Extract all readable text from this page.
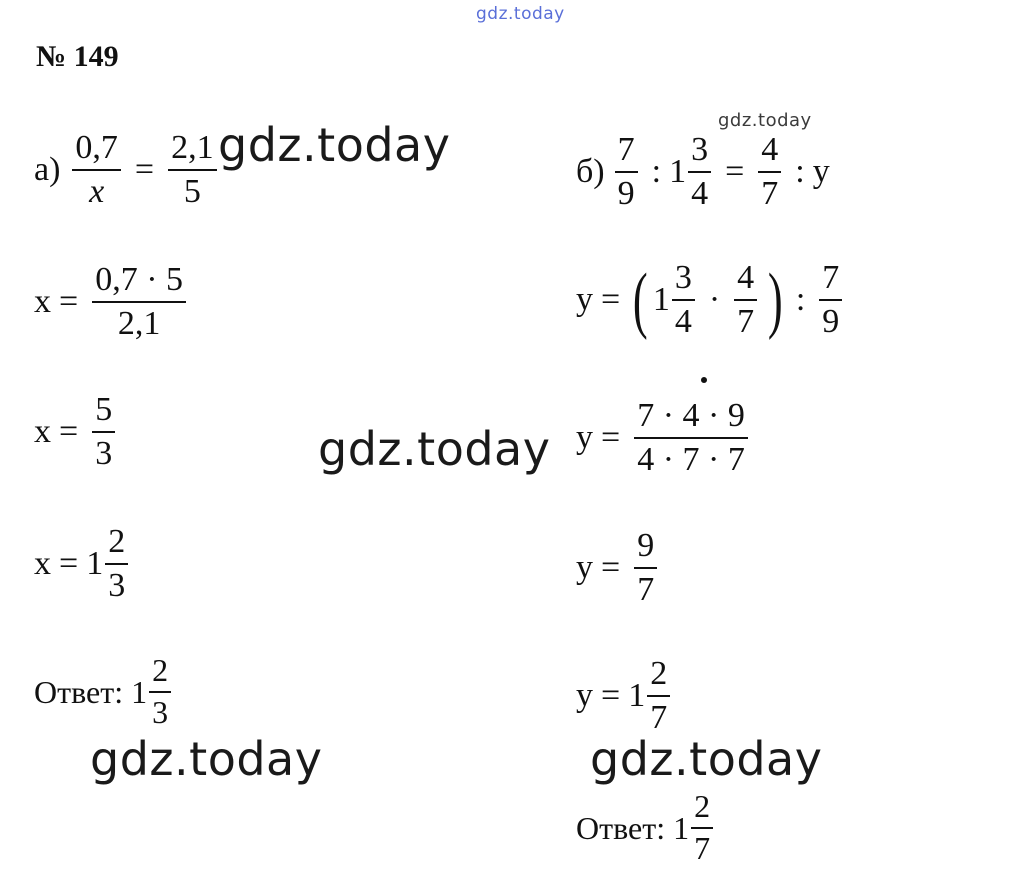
gdz.today
gdz.today
gdz.today
gdz.today
gdz.today	gdz.today
№ 149
$а) \frac{0,7}{x} = \frac{2,1}{5}$
$x = \frac{0,7 \cdot 5}{2,1}$
$x = \frac{5}{3}$
$x = 1 \frac{2}{3}$
Ответ: $1 \frac{2}{3}$
$б) \frac{7}{9}$ : $1 \frac{3}{4} = \frac{4}{7}$ : y
y = ( $1 \frac{3}{4} \cdot \frac{4}{7}$ ) : $\frac{7}{9}$
$y = \frac{7 \cdot 4 \cdot 9}{4 \cdot 7 \cdot 7}$
$y = \frac{9}{7}$
$y = 1 \frac{2}{7}$
Ответ: $1 \frac{2}{7}$
